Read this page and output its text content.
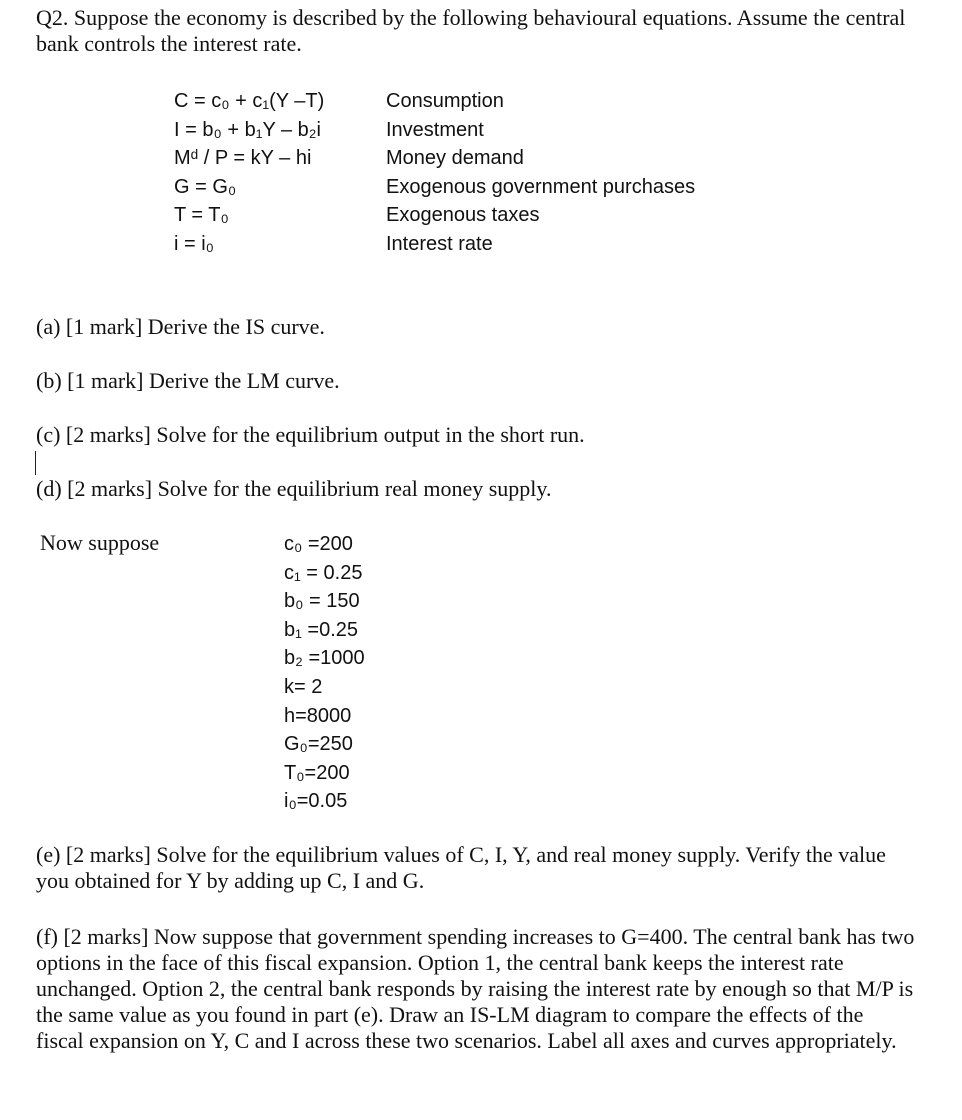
Q2. Suppose the economy is described by the following behavioural equations. Assume the central bank controls the interest rate.
C = c₀ + c₁(Y –T)
I = b₀ + b₁Y – b₂i
Mᵈ / P = kY – hi
G = G₀
T = T₀
i = i₀
Consumption
Investment
Money demand
Exogenous government purchases
Exogenous taxes
Interest rate
(a) [1 mark] Derive the IS curve.
(b) [1 mark] Derive the LM curve.
(c) [2 marks] Solve for the equilibrium output in the short run.
(d) [2 marks] Solve for the equilibrium real money supply.
Now suppose	c₀ =200
c₁ = 0.25
b₀ = 150
b₁ =0.25
b₂ =1000
k= 2
h=8000
G₀=250
T₀=200
i₀=0.05
(e) [2 marks] Solve for the equilibrium values of C, I, Y, and real money supply. Verify the value you obtained for Y by adding up C, I and G.
(f) [2 marks] Now suppose that government spending increases to G=400. The central bank has two options in the face of this fiscal expansion. Option 1, the central bank keeps the interest rate unchanged. Option 2, the central bank responds by raising the interest rate by enough so that M/P is the same value as you found in part (e). Draw an IS-LM diagram to compare the effects of the fiscal expansion on Y, C and I across these two scenarios. Label all axes and curves appropriately.
